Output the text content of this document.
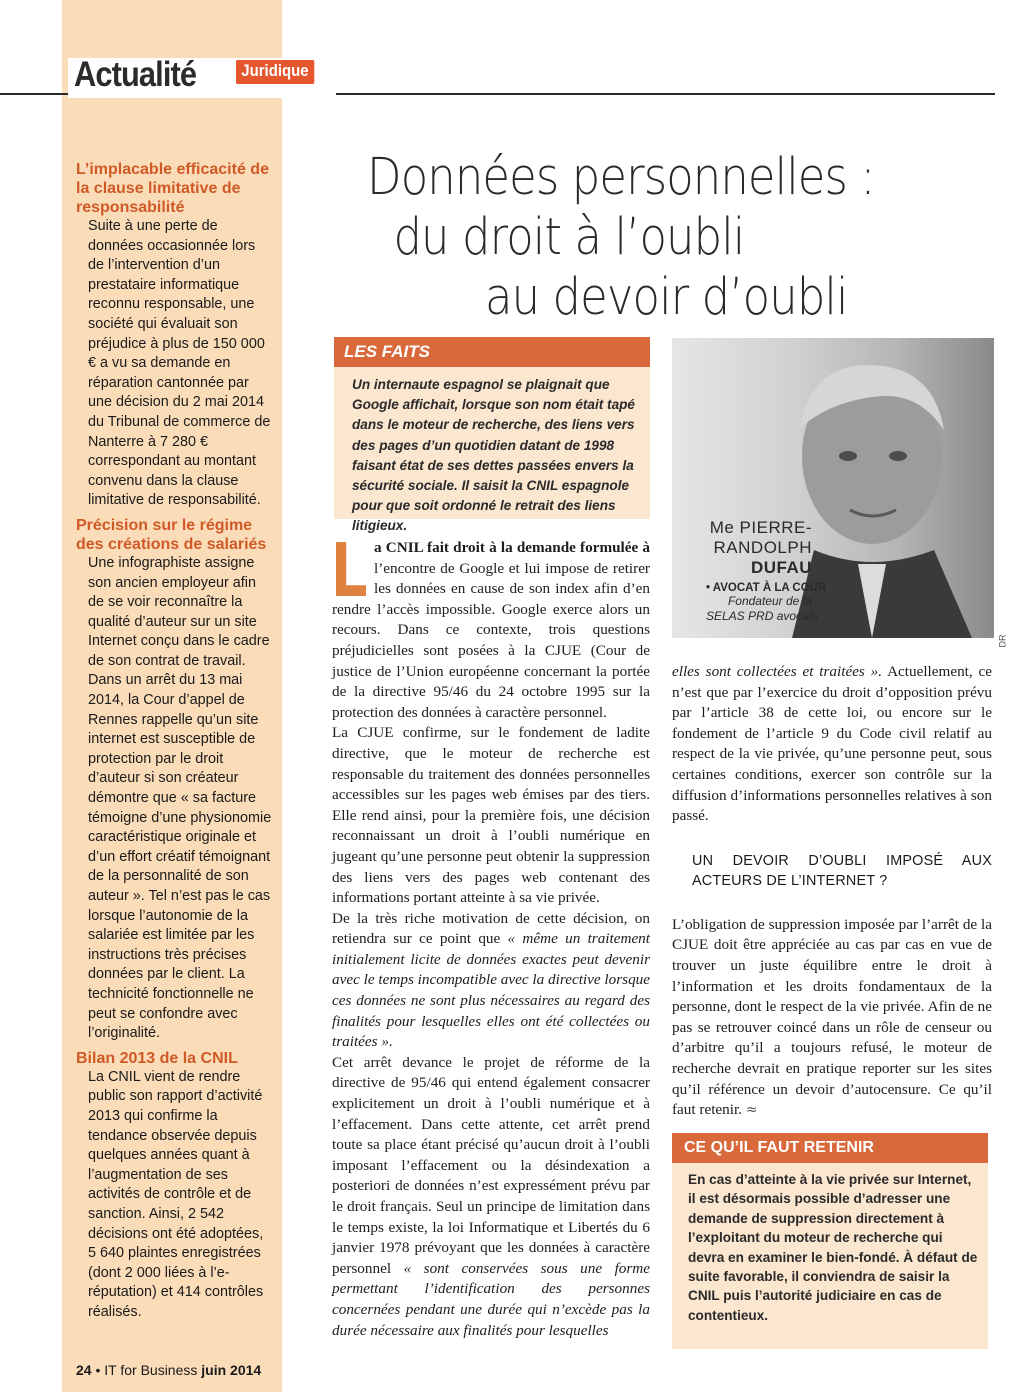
Actualité	Juridique

L’implacable efficacité de la clause limitative de responsabilité

Suite à une perte de données occasionnée lors de l’intervention d’un prestataire informatique reconnu responsable, une société qui évaluait son préjudice à plus de 150 000 € a vu sa demande en réparation cantonnée par une décision du 2 mai 2014 du Tribunal de commerce de Nanterre à 7 280 € correspondant au montant convenu dans la clause limitative de responsabilité.

Précision sur le régime des créations de salariés

Une infographiste assigne son ancien employeur afin de se voir reconnaître la qualité d’auteur sur un site Internet conçu dans le cadre de son contrat de travail. Dans un arrêt du 13 mai 2014, la Cour d’appel de Rennes rappelle qu’un site internet est susceptible de protection par le droit d’auteur si son créateur démontre que « sa facture témoigne d’une physionomie caractéristique originale et d’un effort créatif témoignant de la personnalité de son auteur ». Tel n’est pas le cas lorsque l’autonomie de la salariée est limitée par les instructions très précises données par le client. La technicité fonctionnelle ne peut se confondre avec l’originalité.

Bilan 2013 de la CNIL

La CNIL vient de rendre public son rapport d’activité 2013 qui confirme la tendance observée depuis quelques années quant à l’augmentation de ses activités de contrôle et de sanction. Ainsi, 2 542 décisions ont été adoptées, 5 640 plaintes enregistrées (dont 2 000 liées à l’e-réputation) et 414 contrôles réalisés.

24 • IT for Business juin 2014
Données personnelles :
du droit à l’oubli
au devoir d’oubli
LES FAITS
Un internaute espagnol se plaignait que Google affichait, lorsque son nom était tapé dans le moteur de recherche, des liens vers des pages d’un quotidien datant de 1998 faisant état de ses dettes passées envers la sécurité sociale. Il saisit la CNIL espagnole pour que soit ordonné le retrait des liens litigieux.	Me PIERRE-
RANDOLPH
DUFAU
• AVOCAT À LA COUR
Fondateur de la
SELAS PRD avocats
DR

a CNIL fait droit à la demande formulée à l’encontre de Google et lui impose de retirer les données en cause de son index afin d’en rendre l’accès impossible. Google exerce alors un recours. Dans ce contexte, trois questions préjudicielles sont posées à la CJUE (Cour de justice de l’Union européenne concernant la portée de la directive 95/46 du 24 octobre 1995 sur la protection des données à caractère personnel.

La CJUE confirme, sur le fondement de ladite directive, que le moteur de recherche est responsable du traitement des données personnelles accessibles sur les pages web émises par des tiers. Elle rend ainsi, pour la première fois, une décision reconnaissant un droit à l’oubli numérique en jugeant qu’une personne peut obtenir la suppression des liens vers des pages web contenant des informations portant atteinte à sa vie privée.

De la très riche motivation de cette décision, on retiendra sur ce point que « même un traitement initialement licite de données exactes peut devenir avec le temps incompatible avec la directive lorsque ces données ne sont plus nécessaires au regard des finalités pour lesquelles elles ont été collectées ou traitées ».

Cet arrêt devance le projet de réforme de la directive de 95/46 qui entend également consacrer explicitement un droit à l’oubli numérique et à l’effacement. Dans cette attente, cet arrêt prend toute sa place étant précisé qu’aucun droit à l’oubli imposant l’effacement ou la désindexation a posteriori de données n’est expressément prévu par le droit français. Seul un principe de limitation dans le temps existe, la loi Informatique et Libertés du 6 janvier 1978 prévoyant que les données à caractère personnel « sont conservées sous une forme permettant l’identification des personnes concernées pendant une durée qui n’excède pas la durée nécessaire aux finalités pour lesquelles

elles sont collectées et traitées ». Actuellement, ce n’est que par l’exercice du droit d’opposition prévu par l’article 38 de cette loi, ou encore sur le fondement de l’article 9 du Code civil relatif au respect de la vie privée, qu’une personne peut, sous certaines conditions, exercer son contrôle sur la diffusion d’informations personnelles relatives à son passé.

UN DEVOIR D’OUBLI IMPOSÉ AUX ACTEURS DE L’INTERNET ?

L’obligation de suppression imposée par l’arrêt de la CJUE doit être appréciée au cas par cas en vue de trouver un juste équilibre entre le droit à l’information et les droits fondamentaux de la personne, dont le respect de la vie privée. Afin de ne pas se retrouver coincé dans un rôle de censeur ou d’arbitre qu’il a toujours refusé, le moteur de recherche devrait en pratique reporter sur les sites qu’il référence un devoir d’autocensure. Ce qu’il faut retenir. ≈

CE QU’IL FAUT RETENIR
En cas d’atteinte à la vie privée sur Internet, il est désormais possible d’adresser une demande de suppression directement à l’exploitant du moteur de recherche qui devra en examiner le bien-fondé. À défaut de suite favorable, il conviendra de saisir la CNIL puis l’autorité judiciaire en cas de contentieux.
